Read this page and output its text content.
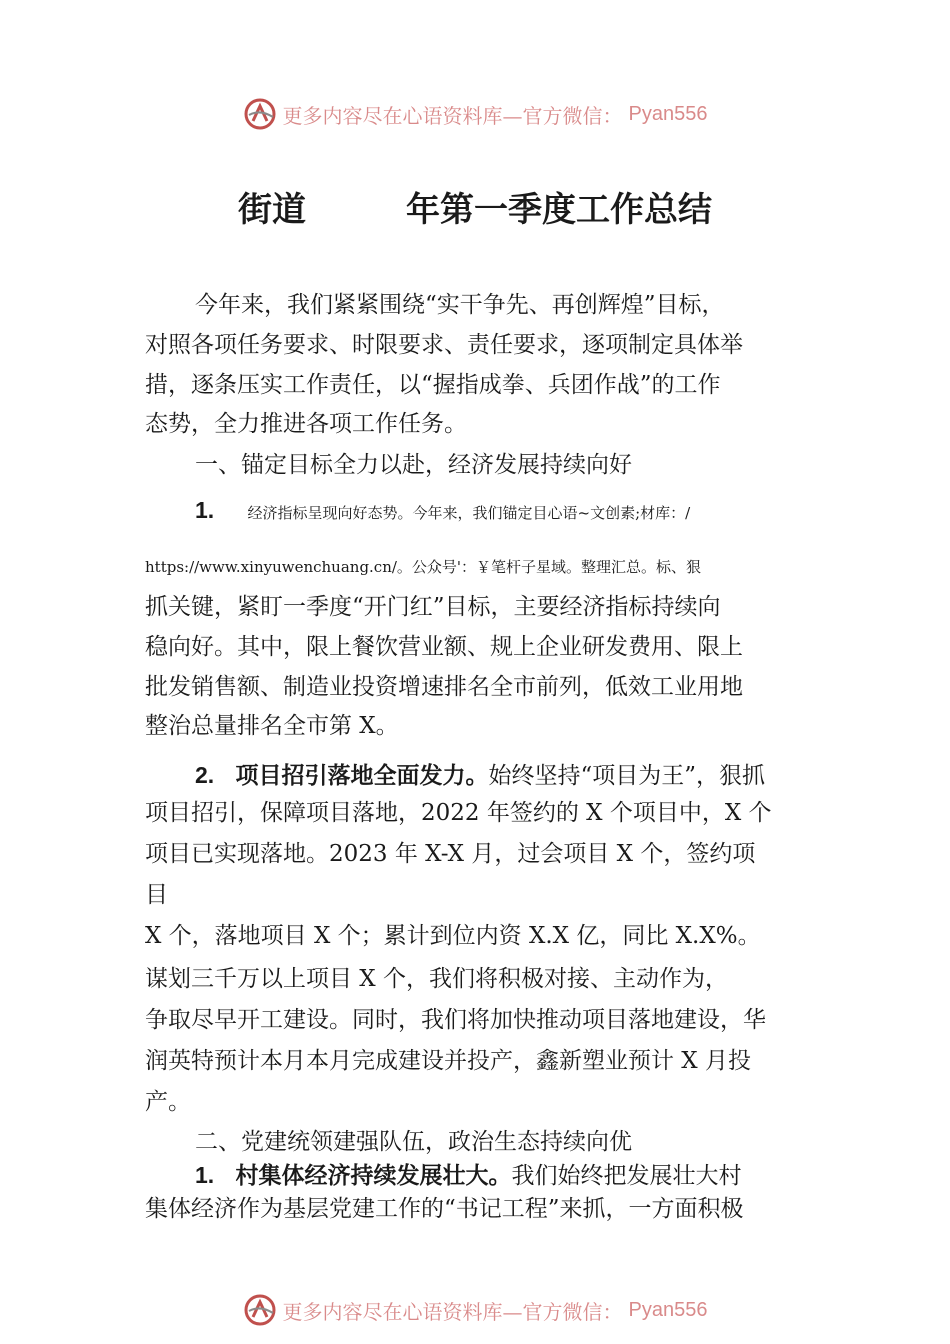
更多内容尽在心语资料库—官方微信： Pyan556
街道	年第一季度工作总结
今年来，我们紧紧围绕“实干争先、再创辉煌”目标，
对照各项任务要求、时限要求、责任要求，逐项制定具体举
措，逐条压实工作责任，以“握指成拳、兵团作战”的工作
态势，全力推进各项工作任务。
一、锚定目标全力以赴，经济发展持续向好
1. 经济指标呈现向好态势。今年来，我们锚定目心语~文创素;材库：/
https://www.xinyuwenchuang.cn/。公众号'：￥笔杆子星域。整理汇总。标、狠
抓关键，紧盯一季度“开门红”目标，主要经济指标持续向
稳向好。其中，限上餐饮营业额、规上企业研发费用、限上
批发销售额、制造业投资增速排名全市前列，低效工业用地
整治总量排名全市第 X。
2. 项目招引落地全面发力。始终坚持“项目为王”，狠抓
项目招引，保障项目落地，2022 年签约的 X 个项目中，X 个
项目已实现落地。2023 年 X-X 月，过会项目 X 个，签约项
目
X 个，落地项目 X 个；累计到位内资 X.X 亿，同比 X.X%。
谋划三千万以上项目 X 个，我们将积极对接、主动作为，
争取尽早开工建设。同时，我们将加快推动项目落地建设，华
润英特预计本月本月完成建设并投产，鑫新塑业预计 X 月投
产。
二、党建统领建强队伍，政治生态持续向优
1. 村集体经济持续发展壮大。我们始终把发展壮大村
集体经济作为基层党建工作的“书记工程”来抓，一方面积极
更多内容尽在心语资料库—官方微信： Pyan556
